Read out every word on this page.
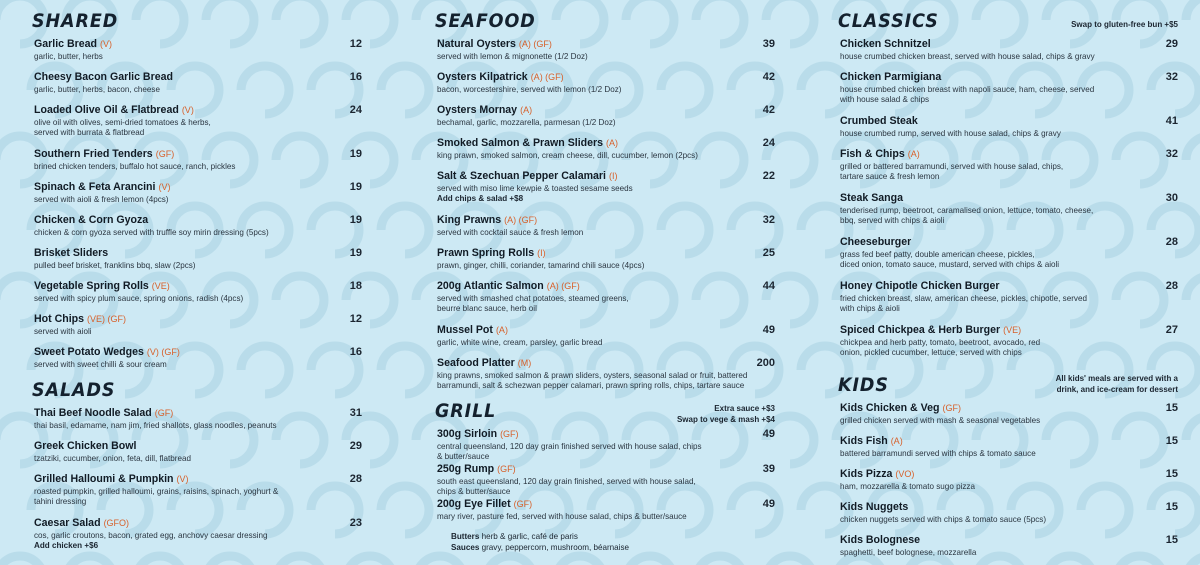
SHARED
Garlic Bread (V)	12
garlic, butter, herbs
Cheesy Bacon Garlic Bread	16
garlic, butter, herbs, bacon, cheese
Loaded Olive Oil & Flatbread (V)	24
olive oil with olives, semi-dried tomatoes & herbs,
served with burrata & flatbread
Southern Fried Tenders (GF)	19
brined chicken tenders, buffalo hot sauce, ranch, pickles
Spinach & Feta Arancini (V)	19
served with aioli & fresh lemon (4pcs)
Chicken & Corn Gyoza	19
chicken & corn gyoza served with truffle soy mirin dressing (5pcs)
Brisket Sliders	19
pulled beef brisket, franklins bbq, slaw (2pcs)
Vegetable Spring Rolls (VE)	18
served with spicy plum sauce, spring onions, radish (4pcs)
Hot Chips (VE) (GF)	12
served with aioli
Sweet Potato Wedges (V) (GF)	16
served with sweet chilli & sour cream
SALADS
Thai Beef Noodle Salad (GF)	31
thai basil, edamame, nam jim, fried shallots, glass noodles, peanuts
Greek Chicken Bowl	29
tzatziki, cucumber, onion, feta, dill, flatbread
Grilled Halloumi & Pumpkin (V)	28
roasted pumpkin, grilled halloumi, grains, raisins, spinach, yoghurt &
tahini dressing
Caesar Salad (GFO)	23
cos, garlic croutons, bacon, grated egg, anchovy caesar dressing
Add chicken +$6
SEAFOOD
Natural Oysters (A) (GF)	39
served with lemon & mignonette (1/2 Doz)
Oysters Kilpatrick (A) (GF)	42
bacon, worcestershire, served with lemon (1/2 Doz)
Oysters Mornay (A)	42
bechamal, garlic, mozzarella, parmesan (1/2 Doz)
Smoked Salmon & Prawn Sliders (A)	24
king prawn, smoked salmon, cream cheese, dill, cucumber, lemon (2pcs)
Salt & Szechuan Pepper Calamari (I)	22
served with miso lime kewpie & toasted sesame seeds
Add chips & salad +$8
King Prawns (A) (GF)	32
served with cocktail sauce & fresh lemon
Prawn Spring Rolls (I)	25
prawn, ginger, chilli, coriander, tamarind chili sauce (4pcs)
200g Atlantic Salmon (A) (GF)	44
served with smashed chat potatoes, steamed greens,
beurre blanc sauce, herb oil
Mussel Pot (A)	49
garlic, white wine, cream, parsley, garlic bread
Seafood Platter (M)	200
king prawns, smoked salmon & prawn sliders, oysters, seasonal salad or fruit, battered
barramundi, salt & schezwan pepper calamari, prawn spring rolls, chips, tartare sauce
GRILL	Extra sauce +$3
Swap to vege & mash +$4
300g Sirloin (GF)	49
central queensland, 120 day grain finished served with house salad, chips
& butter/sauce
250g Rump (GF)	39
south east queensland, 120 day grain finished, served with house salad,
chips & butter/sauce
200g Eye Fillet (GF)	49
mary river, pasture fed, served with house salad, chips & butter/sauce
Butters herb & garlic, café de paris
Sauces gravy, peppercorn, mushroom, béarnaise
CLASSICS	Swap to gluten-free bun +$5
Chicken Schnitzel	29
house crumbed chicken breast, served with house salad, chips & gravy
Chicken Parmigiana	32
house crumbed chicken breast with napoli sauce, ham, cheese, served
with house salad & chips
Crumbed Steak	41
house crumbed rump, served with house salad, chips & gravy
Fish & Chips (A)	32
grilled or battered barramundi, served with house salad, chips,
tartare sauce & fresh lemon
Steak Sanga	30
tenderised rump, beetroot, caramalised onion, lettuce, tomato, cheese,
bbq, served with chips & aioli
Cheeseburger	28
grass fed beef patty, double american cheese, pickles,
diced onion, tomato sauce, mustard, served with chips & aioli
Honey Chipotle Chicken Burger	28
fried chicken breast, slaw, american cheese, pickles, chipotle, served
with chips & aioli
Spiced Chickpea & Herb Burger (VE)	27
chickpea and herb patty, tomato, beetroot, avocado, red
onion, pickled cucumber, lettuce, served with chips
KIDS	All kids' meals are served with a
drink, and ice-cream for dessert
Kids Chicken & Veg (GF)	15
grilled chicken served with mash & seasonal vegetables
Kids Fish (A)	15
battered barramundi served with chips & tomato sauce
Kids Pizza (VO)	15
ham, mozzarella & tomato sugo pizza
Kids Nuggets	15
chicken nuggets served with chips & tomato sauce (5pcs)
Kids Bolognese	15
spaghetti, beef bolognese, mozzarella
